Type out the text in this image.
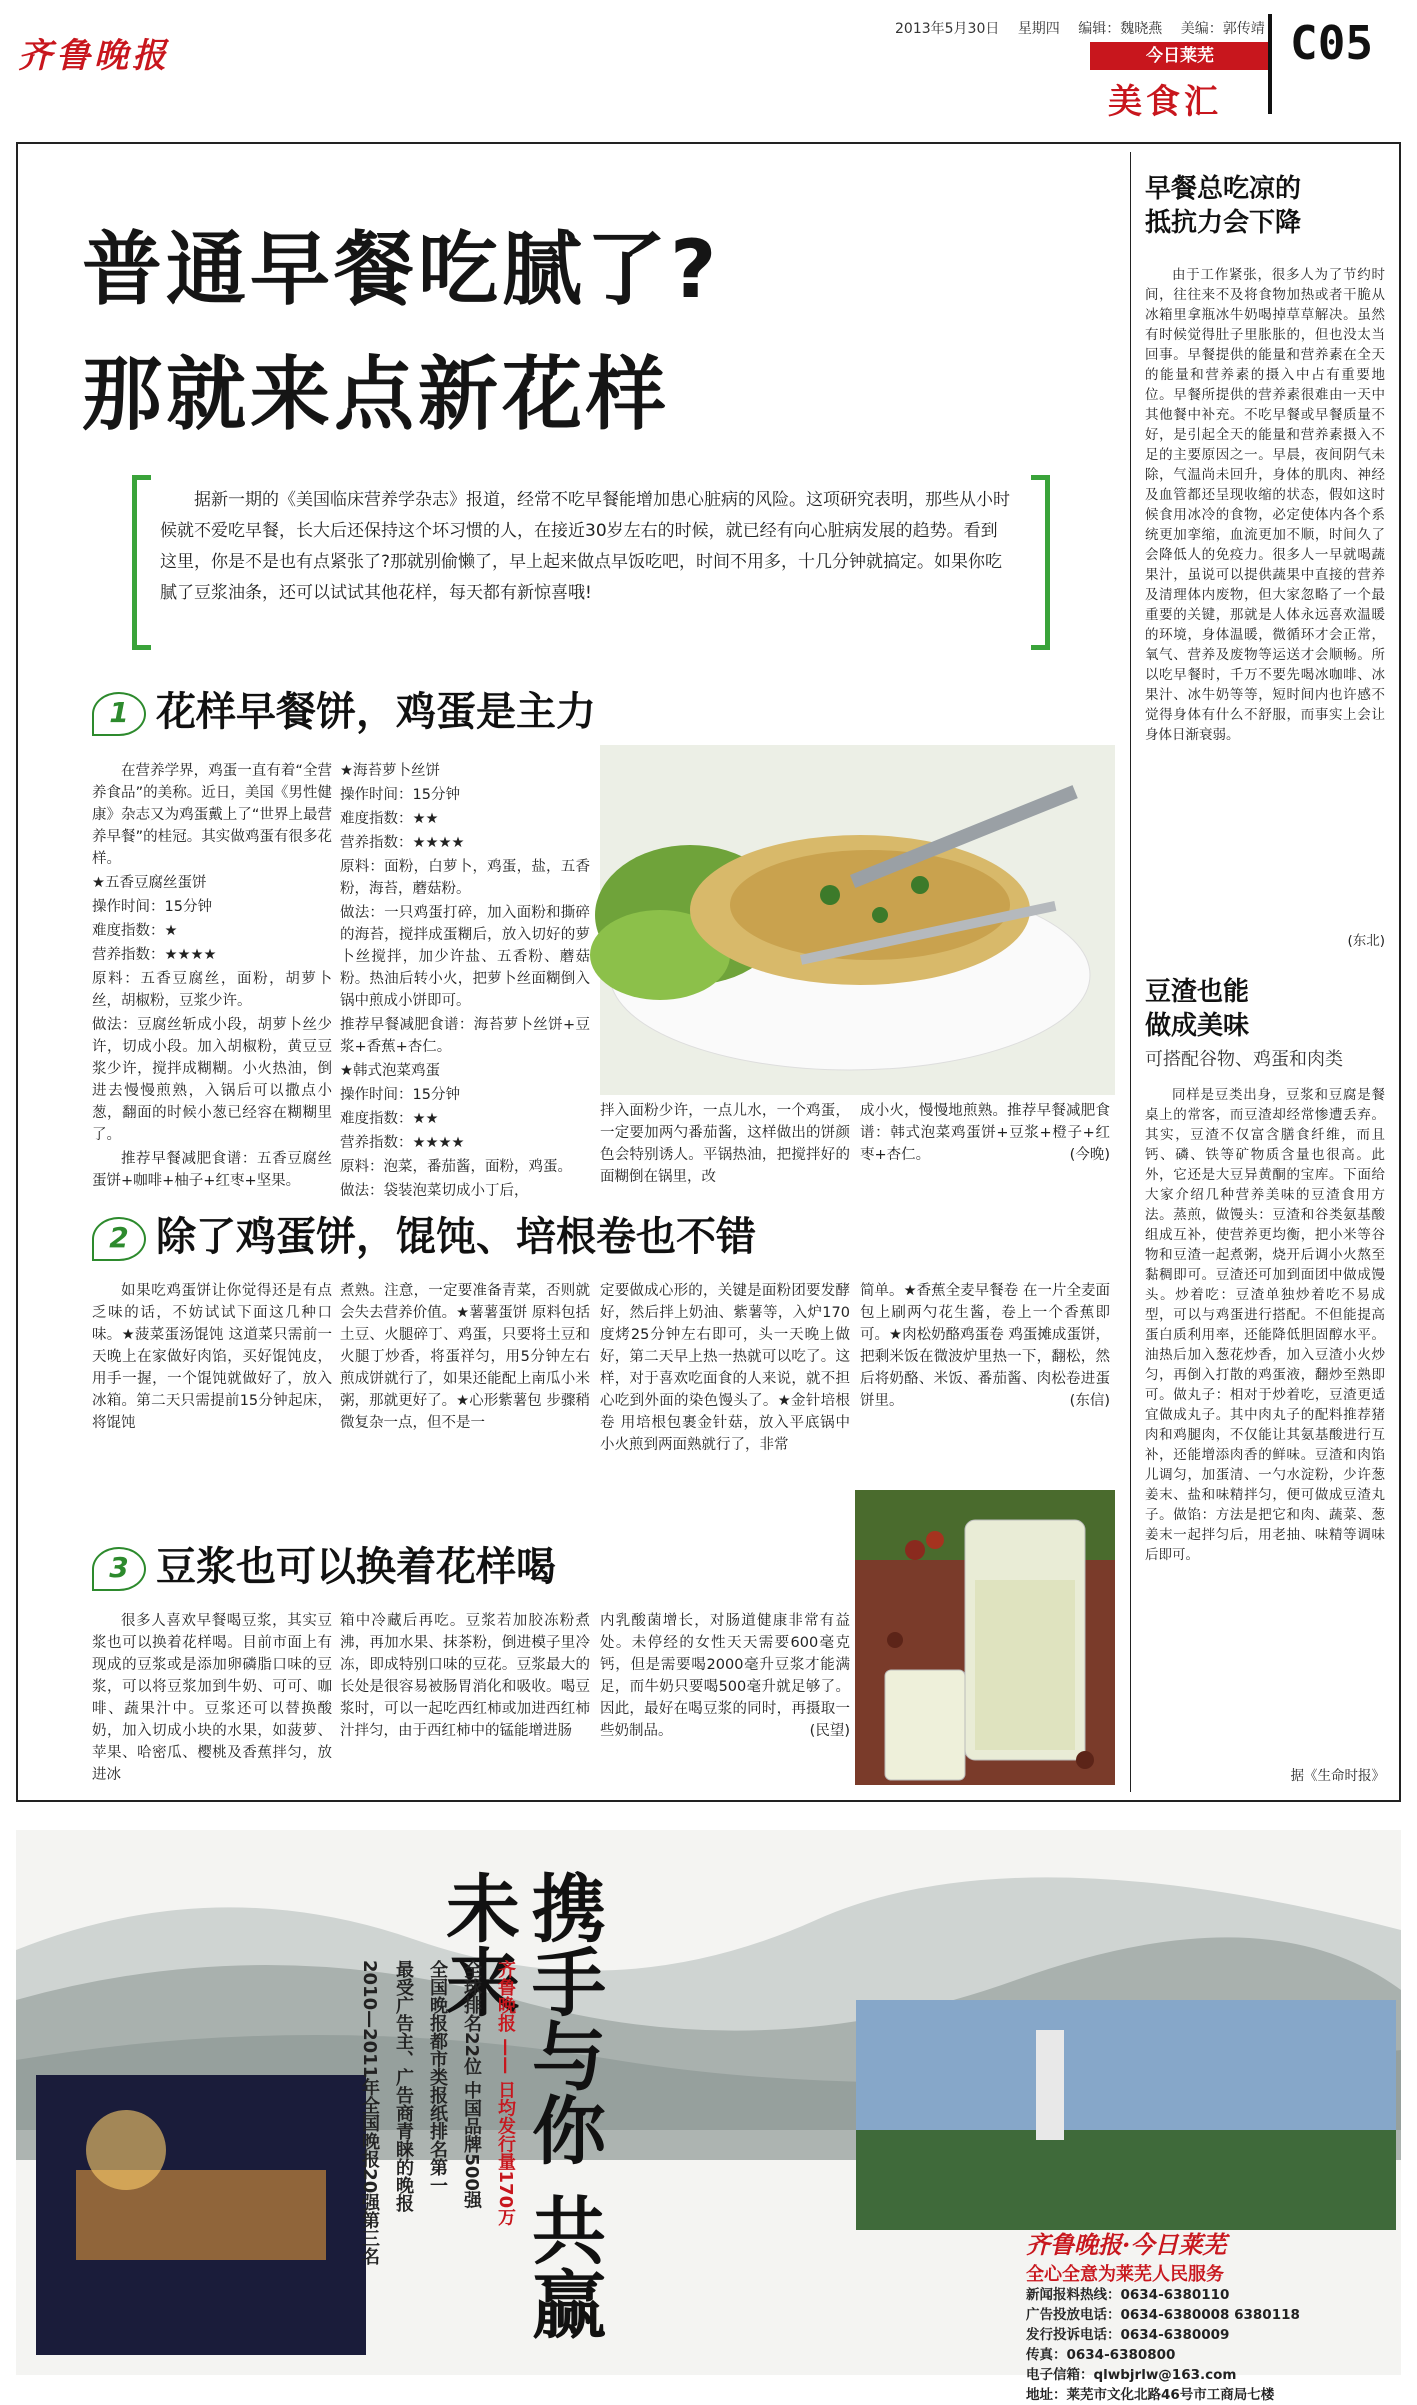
齐鲁晚报
2013年5月30日 星期四 编辑：魏晓燕 美编：郭传靖
今日莱芜
美食汇
C05
普通早餐吃腻了?
那就来点新花样
据新一期的《美国临床营养学杂志》报道，经常不吃早餐能增加患心脏病的风险。这项研究表明，那些从小时候就不爱吃早餐，长大后还保持这个坏习惯的人，在接近30岁左右的时候，就已经有向心脏病发展的趋势。看到这里，你是不是也有点紧张了?那就别偷懒了，早上起来做点早饭吃吧，时间不用多，十几分钟就搞定。如果你吃腻了豆浆油条，还可以试试其他花样，每天都有新惊喜哦!
1 花样早餐饼，鸡蛋是主力

在营养学界，鸡蛋一直有着“全营养食品”的美称。近日，美国《男性健康》杂志又为鸡蛋戴上了“世界上最营养早餐”的桂冠。其实做鸡蛋有很多花样。

★五香豆腐丝蛋饼

操作时间：15分钟

难度指数：★

营养指数：★★★★

原料：五香豆腐丝，面粉，胡萝卜丝，胡椒粉，豆浆少许。

做法：豆腐丝斩成小段，胡萝卜丝少许，切成小段。加入胡椒粉，黄豆豆浆少许，搅拌成糊糊。小火热油，倒进去慢慢煎熟，入锅后可以撒点小葱，翻面的时候小葱已经容在糊糊里了。

推荐早餐减肥食谱：五香豆腐丝蛋饼+咖啡+柚子+红枣+坚果。

★海苔萝卜丝饼

操作时间：15分钟

难度指数：★★

营养指数：★★★★

原料：面粉，白萝卜，鸡蛋，盐，五香粉，海苔，蘑菇粉。

做法：一只鸡蛋打碎，加入面粉和撕碎的海苔，搅拌成蛋糊后，放入切好的萝卜丝搅拌，加少许盐、五香粉、蘑菇粉。热油后转小火，把萝卜丝面糊倒入锅中煎成小饼即可。

推荐早餐减肥食谱：海苔萝卜丝饼+豆浆+香蕉+杏仁。

★韩式泡菜鸡蛋

操作时间：15分钟

难度指数：★★

营养指数：★★★★

原料：泡菜，番茄酱，面粉，鸡蛋。

做法：袋装泡菜切成小丁后，

拌入面粉少许，一点儿水，一个鸡蛋，一定要加两勺番茄酱，这样做出的饼颜色会特别诱人。平锅热油，把搅拌好的面糊倒在锅里，改
成小火，慢慢地煎熟。推荐早餐减肥食谱：韩式泡菜鸡蛋饼+豆浆+橙子+红枣+杏仁。	(今晚)
2 除了鸡蛋饼，馄饨、培根卷也不错
如果吃鸡蛋饼让你觉得还是有点乏味的话，不妨试试下面这几种口味。★菠菜蛋汤馄饨 这道菜只需前一天晚上在家做好肉馅，买好馄饨皮，用手一握，一个馄饨就做好了，放入冰箱。第二天只需提前15分钟起床，将馄饨
煮熟。注意，一定要准备青菜，否则就会失去营养价值。★薯薯蛋饼 原料包括土豆、火腿碎丁、鸡蛋，只要将土豆和火腿丁炒香，将蛋祥匀，用5分钟左右煎成饼就行了，如果还能配上南瓜小米粥，那就更好了。★心形紫薯包 步骤稍微复杂一点，但不是一
定要做成心形的，关键是面粉团要发酵好，然后拌上奶油、紫薯等，入炉170度烤25分钟左右即可，头一天晚上做好，第二天早上热一热就可以吃了。这样，对于喜欢吃面食的人来说，就不担心吃到外面的染色馒头了。★金针培根卷 用培根包裹金针菇，放入平底锅中小火煎到两面熟就行了，非常
简单。★香蕉全麦早餐卷 在一片全麦面包上刷两勺花生酱，卷上一个香蕉即可。★肉松奶酪鸡蛋卷 鸡蛋摊成蛋饼，把剩米饭在微波炉里热一下，翻松，然后将奶酪、米饭、番茄酱、肉松卷进蛋饼里。	(东信)
3 豆浆也可以换着花样喝
很多人喜欢早餐喝豆浆，其实豆浆也可以换着花样喝。目前市面上有现成的豆浆或是添加卵磷脂口味的豆浆，可以将豆浆加到牛奶、可可、咖啡、蔬果汁中。豆浆还可以替换酸奶，加入切成小块的水果，如菠萝、苹果、哈密瓜、樱桃及香蕉拌匀，放进冰
箱中冷藏后再吃。豆浆若加胶冻粉煮沸，再加水果、抹茶粉，倒进模子里冷冻，即成特别口味的豆花。豆浆最大的长处是很容易被肠胃消化和吸收。喝豆浆时，可以一起吃西红柿或加进西红柿汁拌匀，由于西红柿中的锰能增进肠
内乳酸菌增长，对肠道健康非常有益处。未停经的女性天天需要600毫克钙，但是需要喝2000毫升豆浆才能满足，而牛奶只要喝500毫升就足够了。因此，最好在喝豆浆的同时，再摄取一些奶制品。	(民望)
早餐总吃凉的
抵抗力会下降
由于工作紧张，很多人为了节约时间，往往来不及将食物加热或者干脆从冰箱里拿瓶冰牛奶喝掉草草解决。虽然有时候觉得肚子里胀胀的，但也没太当回事。早餐提供的能量和营养素在全天的能量和营养素的摄入中占有重要地位。早餐所提供的营养素很难由一天中其他餐中补充。不吃早餐或早餐质量不好，是引起全天的能量和营养素摄入不足的主要原因之一。早晨，夜间阴气未除，气温尚未回升，身体的肌肉、神经及血管都还呈现收缩的状态，假如这时候食用冰冷的食物，必定使体内各个系统更加挛缩，血流更加不顺，时间久了会降低人的免疫力。很多人一早就喝蔬果汁，虽说可以提供蔬果中直接的营养及清理体内废物，但大家忽略了一个最重要的关键，那就是人体永远喜欢温暖的环境，身体温暖，微循环才会正常，氧气、营养及废物等运送才会顺畅。所以吃早餐时，千万不要先喝冰咖啡、冰果汁、冰牛奶等等，短时间内也许感不觉得身体有什么不舒服，而事实上会让身体日渐衰弱。
(东北)
豆渣也能
做成美味
可搭配谷物、鸡蛋和肉类
同样是豆类出身，豆浆和豆腐是餐桌上的常客，而豆渣却经常惨遭丢弃。其实，豆渣不仅富含膳食纤维，而且钙、磷、铁等矿物质含量也很高。此外，它还是大豆异黄酮的宝库。下面给大家介绍几种营养美味的豆渣食用方法。蒸煎，做馒头：豆渣和谷类氨基酸组成互补，使营养更均衡，把小米等谷物和豆渣一起煮粥，烧开后调小火熬至黏稠即可。豆渣还可加到面团中做成馒头。炒着吃：豆渣单独炒着吃不易成型，可以与鸡蛋进行搭配。不但能提高蛋白质利用率，还能降低胆固醇水平。油热后加入葱花炒香，加入豆渣小火炒匀，再倒入打散的鸡蛋液，翻炒至熟即可。做丸子：相对于炒着吃，豆渣更适宜做成丸子。其中肉丸子的配料推荐猪肉和鸡腿肉，不仅能让其氨基酸进行互补，还能增添肉香的鲜味。豆渣和肉馅儿调匀，加蛋清、一勺水淀粉，少许葱姜末、盐和味精拌匀，便可做成豆渣丸子。做馅：方法是把它和肉、蔬菜、葱姜末一起拌匀后，用老抽、味精等调味后即可。
据《生命时报》
携手与你 共赢未来
齐鲁晚报 —— 日均发行量170万
全球排名22位 中国品牌500强
全国晚报都市类报纸排名第一
最受广告主、广告商青睐的晚报
2010—2011年全国晚报20强第三名	齐鲁晚报·今日莱芜
全心全意为莱芜人民服务
新闻报料热线：0634-6380110
广告投放电话：0634-6380008 6380118
发行投诉电话：0634-6380009
传真：0634-6380800
电子信箱：qlwbjrlw@163.com
地址：莱芜市文化北路46号市工商局七楼
